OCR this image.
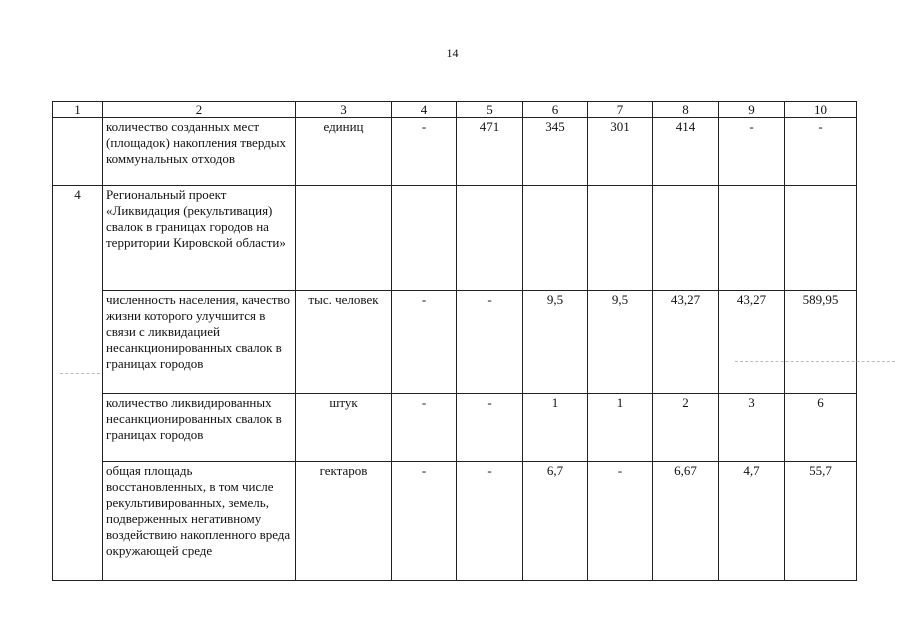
14
1	2	3	4	5	6	7	8	9	10
	количество созданных мест (площадок) накопления твердых коммунальных отходов	единиц	-	471	345	301	414	-	-
4	Региональный проект «Ликвидация (рекультивация) свалок в границах городов на территории Кировской области»								
	численность населения, качество жизни которого улучшится в связи с ликвидацией несанкционированных свалок в границах городов	тыс. человек	-	-	9,5	9,5	43,27	43,27	589,95
	количество ликвидированных несанкционированных свалок в границах городов	штук	-	-	1	1	2	3	6
	общая площадь восстановленных, в том числе рекультивированных, земель, подверженных негативному воздействию накопленного вреда окружающей среде	гектаров	-	-	6,7	-	6,67	4,7	55,7
